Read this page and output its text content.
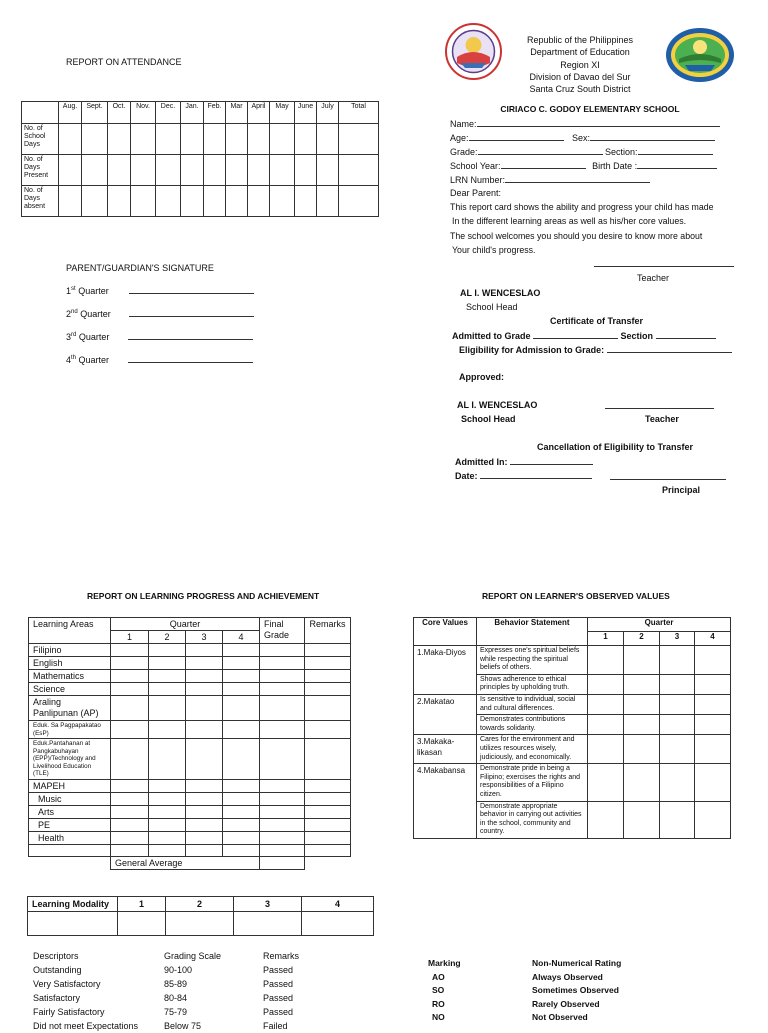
REPORT ON ATTENDANCE
	Aug.	Sept.	Oct.	Nov.	Dec.	Jan.	Feb.	Mar	April	May	June	July	Total
No. of School Days													
No. of Days Present													
No. of Days absent													
PARENT/GUARDIAN'S SIGNATURE
1st Quarter
2nd Quarter
3rd Quarter
4th Quarter
Republic of the Philippines
Department of Education
Region XI
Division of Davao del Sur
Santa Cruz South District
CIRIACO C. GODOY ELEMENTARY SCHOOL
Name:
Age:	Sex:
Grade:	Section:
School Year:	Birth Date :
LRN Number:
Dear Parent:
This report card shows the ability and progress your child has made
In the different learning areas as well as his/her core values.
The school welcomes you should you desire to know more about
Your child's progress.
Teacher
AL I. WENCESLAO
School Head
Certificate of Transfer
Admitted to Grade	Section
Eligibility for Admission to Grade:
Approved:
AL I. WENCESLAO
School Head	Teacher
Cancellation of Eligibility to Transfer
Admitted In:
Date:
Principal
REPORT ON LEARNING PROGRESS AND ACHIEVEMENT
Learning Areas	Quarter				Final Grade	Remarks
	1	2	3	4		
Filipino						
English						
Mathematics						
Science						
Araling Panlipunan (AP)						
Eduk. Sa Pagpapakatao (EsP)						
Eduk.Pantahanan at Pangkabuhayan (EPP)/Technology and Livelihood Education (TLE)						
MAPEH						
Music						
Arts						
PE						
Health						

	General Average					
Learning Modality	1	2	3	4

Descriptors	Grading Scale	Remarks
Outstanding	90-100	Passed
Very Satisfactory	85-89	Passed
Satisfactory	80-84	Passed
Fairly Satisfactory	75-79	Passed
Did not meet Expectations	Below 75	Failed
REPORT ON LEARNER'S OBSERVED VALUES
Core Values	Behavior Statement	Quarter			
		1	2	3	4
1.Maka-Diyos	Expresses one's spiritual beliefs while respecting the spiritual beliefs of others.				
	Shows adherence to ethical principles by upholding truth.				
2.Makatao	Is sensitive to individual, social and cultural differences.				
	Demonstrates contributions towards solidarity.				
3.Makaka-likasan	Cares for the environment and utilizes resources wisely, judiciously, and economically.				
4.Makabansa	Demonstrate pride in being a Filipino; exercises the rights and responsibilities of a Filipino citizen.				
	Demonstrate appropriate behavior in carrying out activities in the school, community and country.				
Marking	Non-Numerical Rating
AO	Always Observed
SO	Sometimes Observed
RO	Rarely Observed
NO	Not Observed
